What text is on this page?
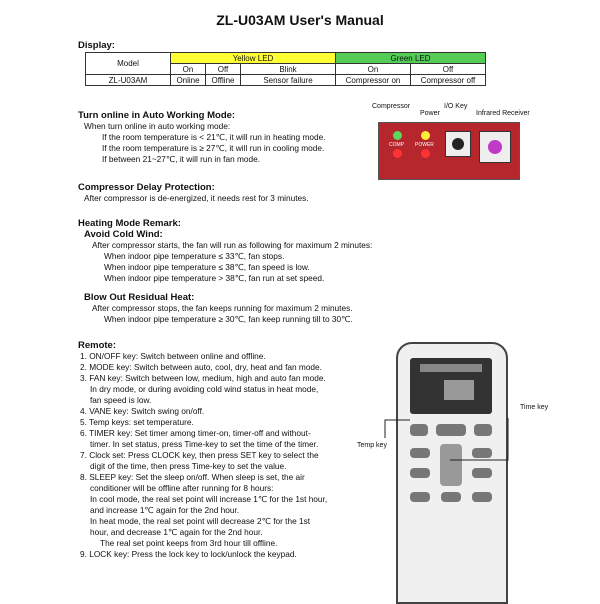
ZL-U03AM User's Manual
Display:
Model	Yellow LED			Green LED	
	On	Off	Blink	On	Off
ZL-U03AM	Online	Offline	Sensor failure	Compressor on	Compressor off
Turn online in Auto Working Mode:
When turn online in auto working mode:
If the room temperature is < 21℃, it will run in heating mode.
If the room temperature is ≥ 27℃, it will run in cooling mode.
If between 21~27℃, it will run in fan mode.
Compressor
Power
I/O Key
Infrared Receiver
COMP POWER
Compressor Delay Protection:
After compressor is de-energized, it needs rest for 3 minutes.
Heating Mode Remark:
Avoid Cold Wind:
After compressor starts, the fan will run as following for maximum 2 minutes:
When indoor pipe temperature ≤ 33℃, fan stops.
When indoor pipe temperature ≤ 38℃, fan speed is low.
When indoor pipe temperature > 38℃, fan run at set speed.
Blow Out Residual Heat:
After compressor stops, the fan keeps running for maximum 2 minutes.
When indoor pipe temperature ≥ 30℃, fan keep running till to 30℃.
Remote:
1. ON/OFF key: Switch between online and offline.
2. MODE key: Switch between auto, cool, dry, heat and fan mode.
3. FAN key: Switch between low, medium, high and auto fan mode.
In dry mode, or during avoiding cold wind status in heat mode,
fan speed is low.
4. VANE key: Switch swing on/off.
5. Temp keys: set temperature.
6. TIMER key: Set timer among timer-on, timer-off and without-
timer. In set status, press Time-key to set the time of the timer.
7. Clock set: Press CLOCK key, then press SET key to select the
digit of the time, then press Time-key to set the value.
8. SLEEP key: Set the sleep on/off. When sleep is set, the air
conditioner will be offline after running for 8 hours:
In cool mode, the real set point will increase 1℃ for the 1st hour,
and increase 1℃ again for the 2nd hour.
In heat mode, the real set point will decrease 2℃ for the 1st
hour, and decrease 1℃ again for the 2nd hour.
The real set point keeps from 3rd hour till offline.
9. LOCK key: Press the lock key to lock/unlock the keypad.
Temp key
Time key
